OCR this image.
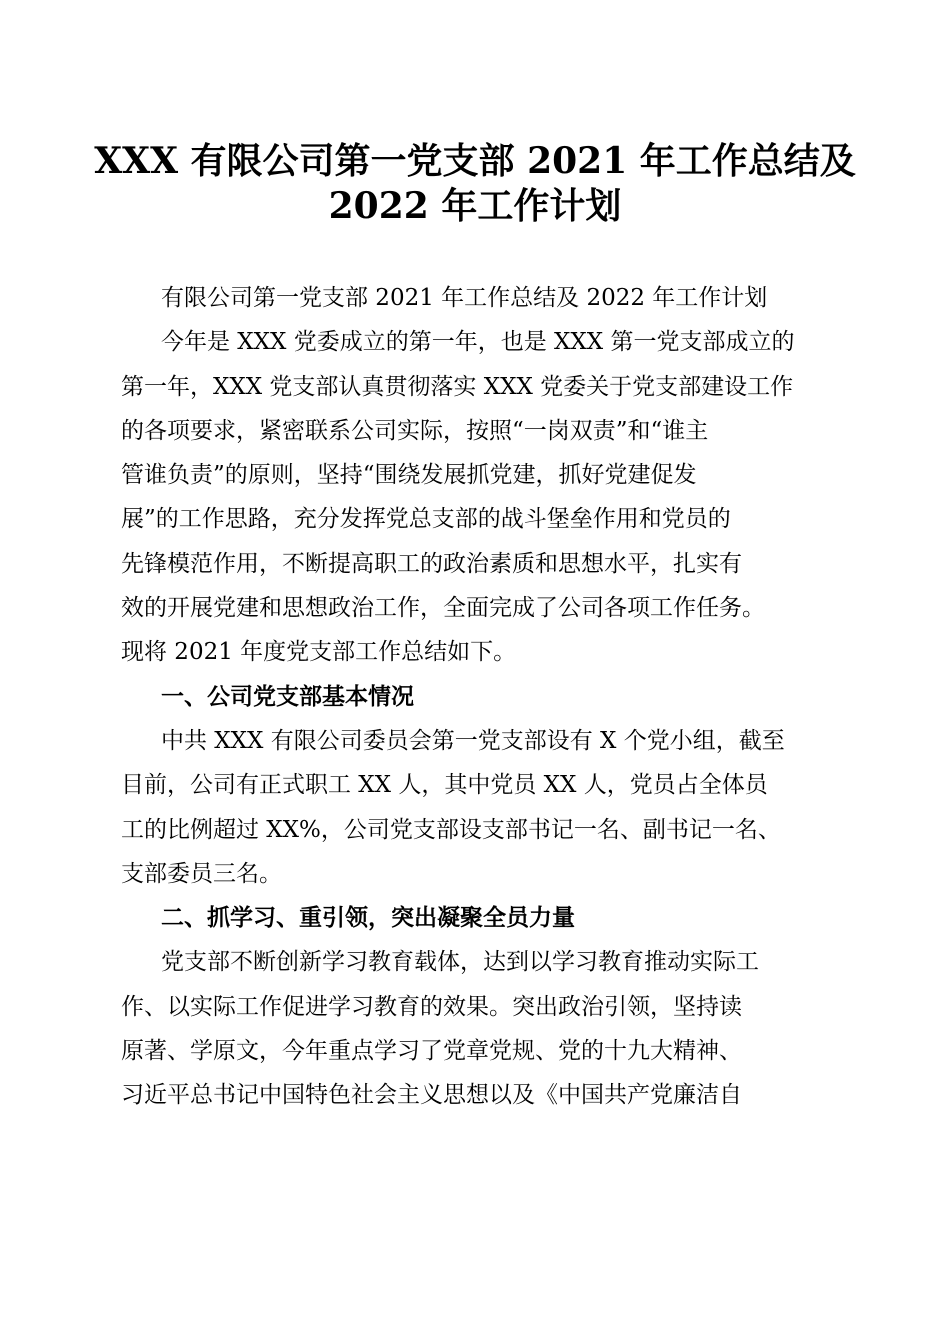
XXX 有限公司第一党支部 2021 年工作总结及
2022 年工作计划
有限公司第一党支部 2021 年工作总结及 2022 年工作计划
今年是 XXX 党委成立的第一年，也是 XXX 第一党支部成立的
第一年，XXX 党支部认真贯彻落实 XXX 党委关于党支部建设工作
的各项要求，紧密联系公司实际，按照“一岗双责”和“谁主
管谁负责”的原则，坚持“围绕发展抓党建，抓好党建促发
展”的工作思路，充分发挥党总支部的战斗堡垒作用和党员的
先锋模范作用，不断提高职工的政治素质和思想水平，扎实有
效的开展党建和思想政治工作，全面完成了公司各项工作任务。
现将 2021 年度党支部工作总结如下。
一、公司党支部基本情况
中共 XXX 有限公司委员会第一党支部设有 X 个党小组，截至
目前，公司有正式职工 XX 人，其中党员 XX 人，党员占全体员
工的比例超过 XX%，公司党支部设支部书记一名、副书记一名、
支部委员三名。
二、抓学习、重引领，突出凝聚全员力量
党支部不断创新学习教育载体，达到以学习教育推动实际工
作、以实际工作促进学习教育的效果。突出政治引领，坚持读
原著、学原文，今年重点学习了党章党规、党的十九大精神、
习近平总书记中国特色社会主义思想以及《中国共产党廉洁自
